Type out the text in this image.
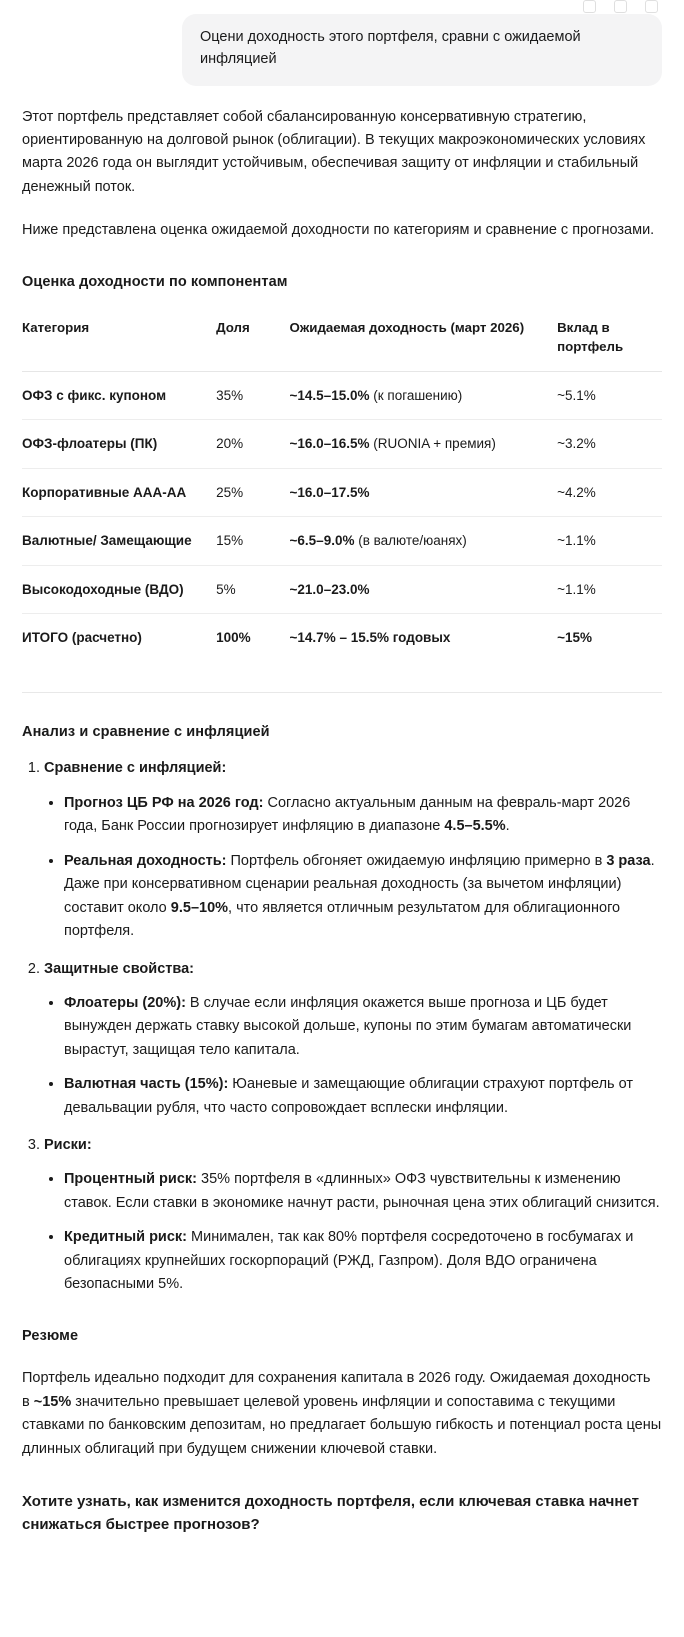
Оцени доходность этого портфеля, сравни с ожидаемой инфляцией

Этот портфель представляет собой сбалансированную консервативную стратегию, ориентированную на долговой рынок (облигации). В текущих макроэкономических условиях марта 2026 года он выглядит устойчивым, обеспечивая защиту от инфляции и стабильный денежный поток.

Ниже представлена оценка ожидаемой доходности по категориям и сравнение с прогнозами.

Оценка доходности по компонентам
Категория	Доля	Ожидаемая доходность (март 2026)	Вклад в портфель
ОФЗ с фикс. купоном	35%	~14.5–15.0% (к погашению)	~5.1%
ОФЗ-флоатеры (ПК)	20%	~16.0–16.5% (RUONIA + премия)	~3.2%
Корпоративные ААА-АА	25%	~16.0–17.5%	~4.2%
Валютные/ Замещающие	15%	~6.5–9.0% (в валюте/юанях)	~1.1%
Высокодоходные (ВДО)	5%	~21.0–23.0%	~1.1%
ИТОГО (расчетно)	100%	~14.7% – 15.5% годовых	~15%
Анализ и сравнение с инфляцией
1. Сравнение с инфляцией:
• Прогноз ЦБ РФ на 2026 год: Согласно актуальным данным на февраль-март 2026 года, Банк России прогнозирует инфляцию в диапазоне 4.5–5.5%.
• Реальная доходность: Портфель обгоняет ожидаемую инфляцию примерно в 3 раза. Даже при консервативном сценарии реальная доходность (за вычетом инфляции) составит около 9.5–10%, что является отличным результатом для облигационного портфеля.
2. Защитные свойства:
• Флоатеры (20%): В случае если инфляция окажется выше прогноза и ЦБ будет вынужден держать ставку высокой дольше, купоны по этим бумагам автоматически вырастут, защищая тело капитала.
• Валютная часть (15%): Юаневые и замещающие облигации страхуют портфель от девальвации рубля, что часто сопровождает всплески инфляции.
3. Риски:
• Процентный риск: 35% портфеля в «длинных» ОФЗ чувствительны к изменению ставок. Если ставки в экономике начнут расти, рыночная цена этих облигаций снизится.
• Кредитный риск: Минимален, так как 80% портфеля сосредоточено в госбумагах и облигациях крупнейших госкорпораций (РЖД, Газпром). Доля ВДО ограничена безопасными 5%.
Резюме

Портфель идеально подходит для сохранения капитала в 2026 году. Ожидаемая доходность в ~15% значительно превышает целевой уровень инфляции и сопоставима с текущими ставками по банковским депозитам, но предлагает большую гибкость и потенциал роста цены длинных облигаций при будущем снижении ключевой ставки.

Хотите узнать, как изменится доходность портфеля, если ключевая ставка начнет снижаться быстрее прогнозов?
